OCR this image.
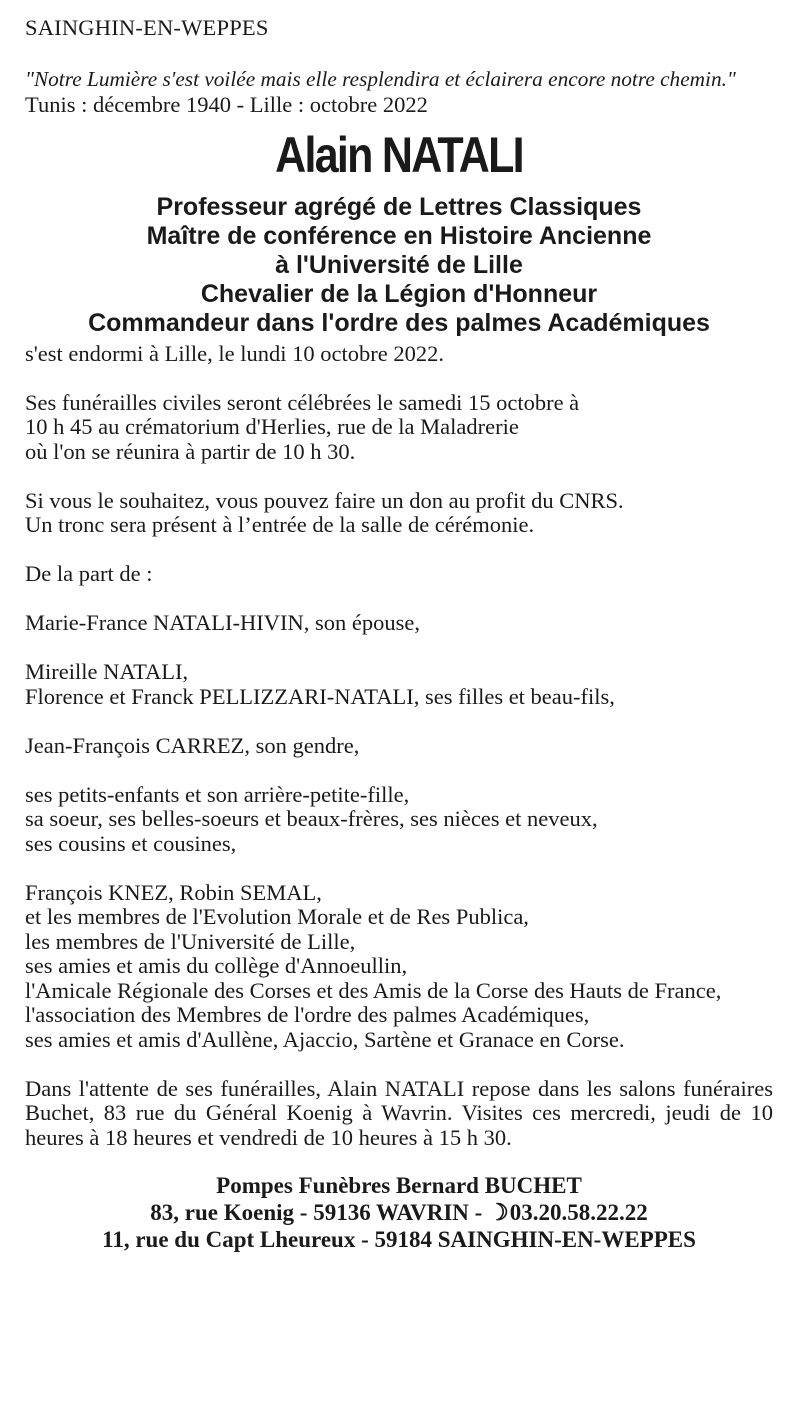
SAINGHIN-EN-WEPPES
"Notre Lumière s'est voilée mais elle resplendira et éclairera encore notre chemin."
Tunis : décembre 1940 - Lille : octobre 2022
Alain NATALI
Professeur agrégé de Lettres Classiques
Maître de conférence en Histoire Ancienne
à l'Université de Lille
Chevalier de la Légion d'Honneur
Commandeur dans l'ordre des palmes Académiques
s'est endormi à Lille, le lundi 10 octobre 2022.
Ses funérailles civiles seront célébrées le samedi 15 octobre à
10 h 45 au crématorium d'Herlies, rue de la Maladrerie
où l'on se réunira à partir de 10 h 30.
Si vous le souhaitez, vous pouvez faire un don au profit du CNRS.
Un tronc sera présent à l’entrée de la salle de cérémonie.
De la part de :
Marie-France NATALI-HIVIN, son épouse,
Mireille NATALI,
Florence et Franck PELLIZZARI-NATALI, ses filles et beau-fils,
Jean-François CARREZ, son gendre,
ses petits-enfants et son arrière-petite-fille,
sa soeur, ses belles-soeurs et beaux-frères, ses nièces et neveux,
ses cousins et cousines,
François KNEZ, Robin SEMAL,
et les membres de l'Evolution Morale et de Res Publica,
les membres de l'Université de Lille,
ses amies et amis du collège d'Annoeullin,
l'Amicale Régionale des Corses et des Amis de la Corse des Hauts de France,
l'association des Membres de l'ordre des palmes Académiques,
ses amies et amis d'Aullène, Ajaccio, Sartène et Granace en Corse.
Dans l'attente de ses funérailles, Alain NATALI repose dans les salons funéraires Buchet, 83 rue du Général Koenig à Wavrin. Visites ces mercredi, jeudi de 10 heures à 18 heures et vendredi de 10 heures à 15 h 30.
Pompes Funèbres Bernard BUCHET
83, rue Koenig - 59136 WAVRIN - ☽03.20.58.22.22
11, rue du Capt Lheureux - 59184 SAINGHIN-EN-WEPPES
